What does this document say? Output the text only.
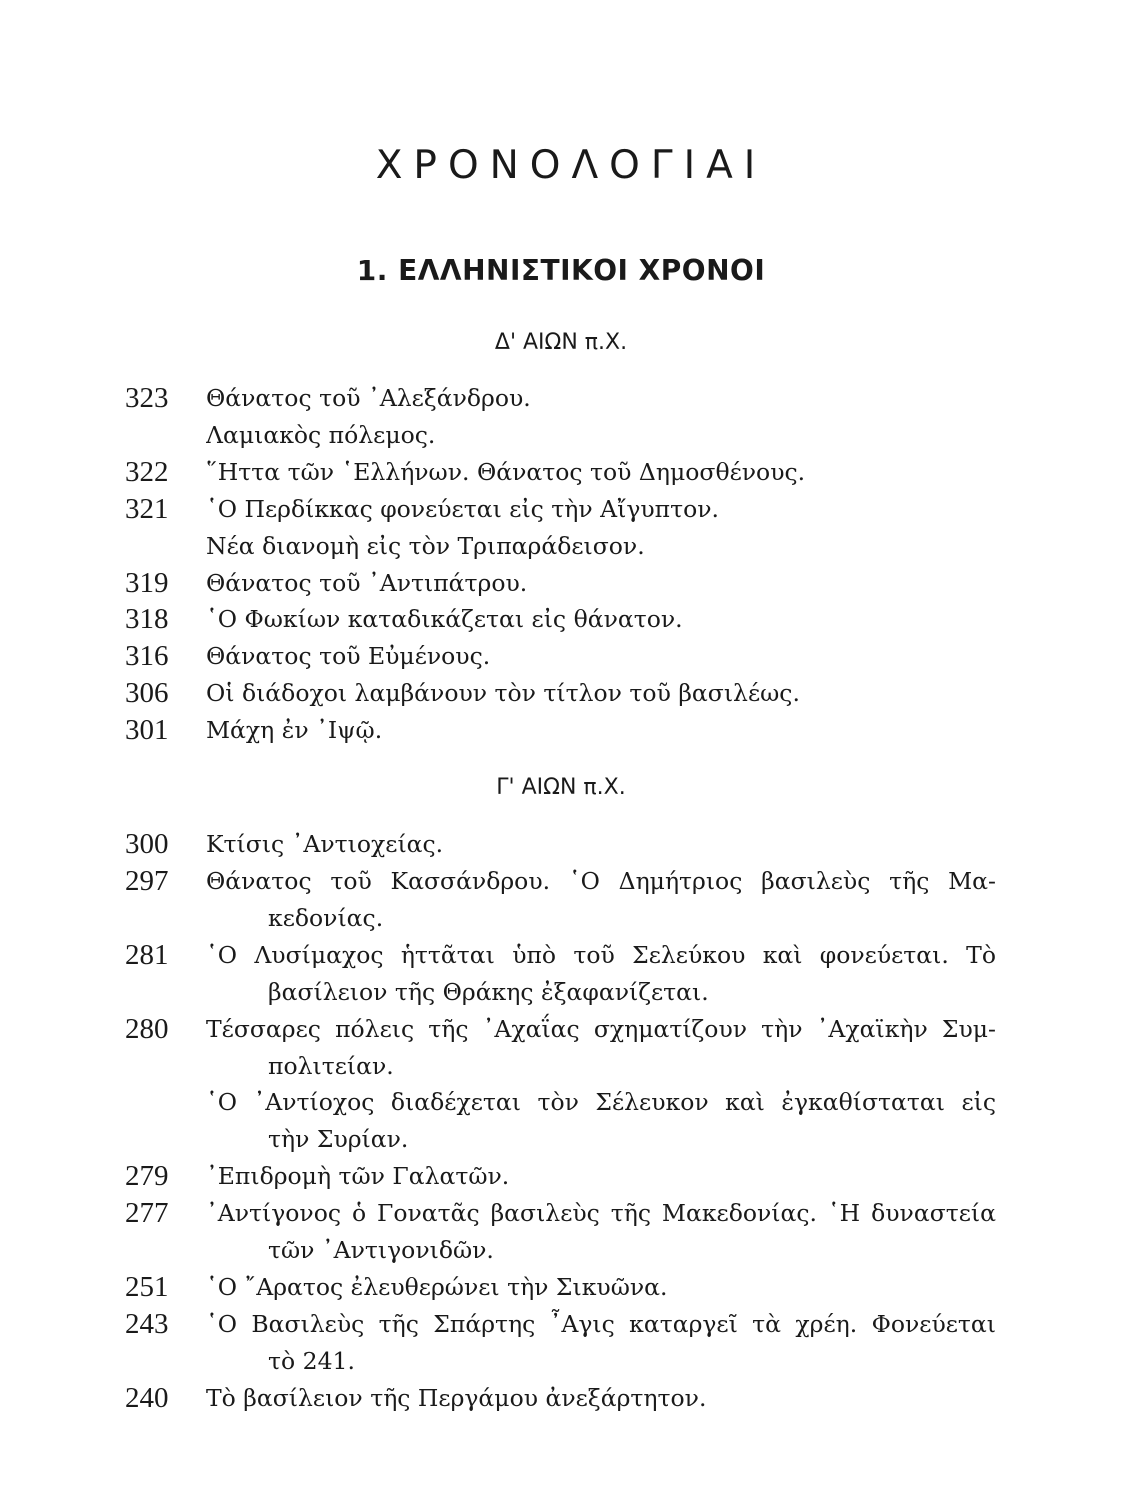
ΧΡΟΝΟΛΟΓΙΑΙ
1. ΕΛΛΗΝΙΣΤΙΚΟΙ ΧΡΟΝΟΙ
Δ' ΑΙΩΝ π.Χ.
323	Θάνατος τοῦ ᾿Αλεξάνδρου.
Λαμιακὸς πόλεμος.
322	῞Ηττα τῶν ῾Ελλήνων. Θάνατος τοῦ Δημοσθένους.
321	῾Ο Περδίκκας φονεύεται εἰς τὴν Αἴγυπτον.
Νέα διανομὴ εἰς τὸν Τριπαράδεισον.
319	Θάνατος τοῦ ᾿Αντιπάτρου.
318	῾Ο Φωκίων καταδικάζεται εἰς θάνατον.
316	Θάνατος τοῦ Εὐμένους.
306	Οἱ διάδοχοι λαμβάνουν τὸν τίτλον τοῦ βασιλέως.
301	Μάχη ἐν ᾿Ιψῷ.
Γ' ΑΙΩΝ π.Χ.
300	Κτίσις ᾿Αντιοχείας.
297	Θάνατος τοῦ Κασσάνδρου. ῾Ο Δημήτριος βασιλεὺς τῆς Μα-
κεδονίας.
281	῾Ο Λυσίμαχος ἡττᾶται ὑπὸ τοῦ Σελεύκου καὶ φονεύεται. Τὸ
βασίλειον τῆς Θράκης ἐξαφανίζεται.
280	Τέσσαρες πόλεις τῆς ᾿Αχαΐας σχηματίζουν τὴν ᾿Αχαϊκὴν Συμ-
πολιτείαν.
῾Ο ᾿Αντίοχος διαδέχεται τὸν Σέλευκον καὶ ἐγκαθίσταται εἰς
τὴν Συρίαν.
279	᾿Επιδρομὴ τῶν Γαλατῶν.
277	᾿Αντίγονος ὁ Γονατᾶς βασιλεὺς τῆς Μακεδονίας. ῾Η δυναστεία
τῶν ᾿Αντιγονιδῶν.
251	῾Ο ῎Αρατος ἐλευθερώνει τὴν Σικυῶνα.
243	῾Ο Βασιλεὺς τῆς Σπάρτης ῏Αγις καταργεῖ τὰ χρέη. Φονεύεται
τὸ 241.
240	Τὸ βασίλειον τῆς Περγάμου ἀνεξάρτητον.
